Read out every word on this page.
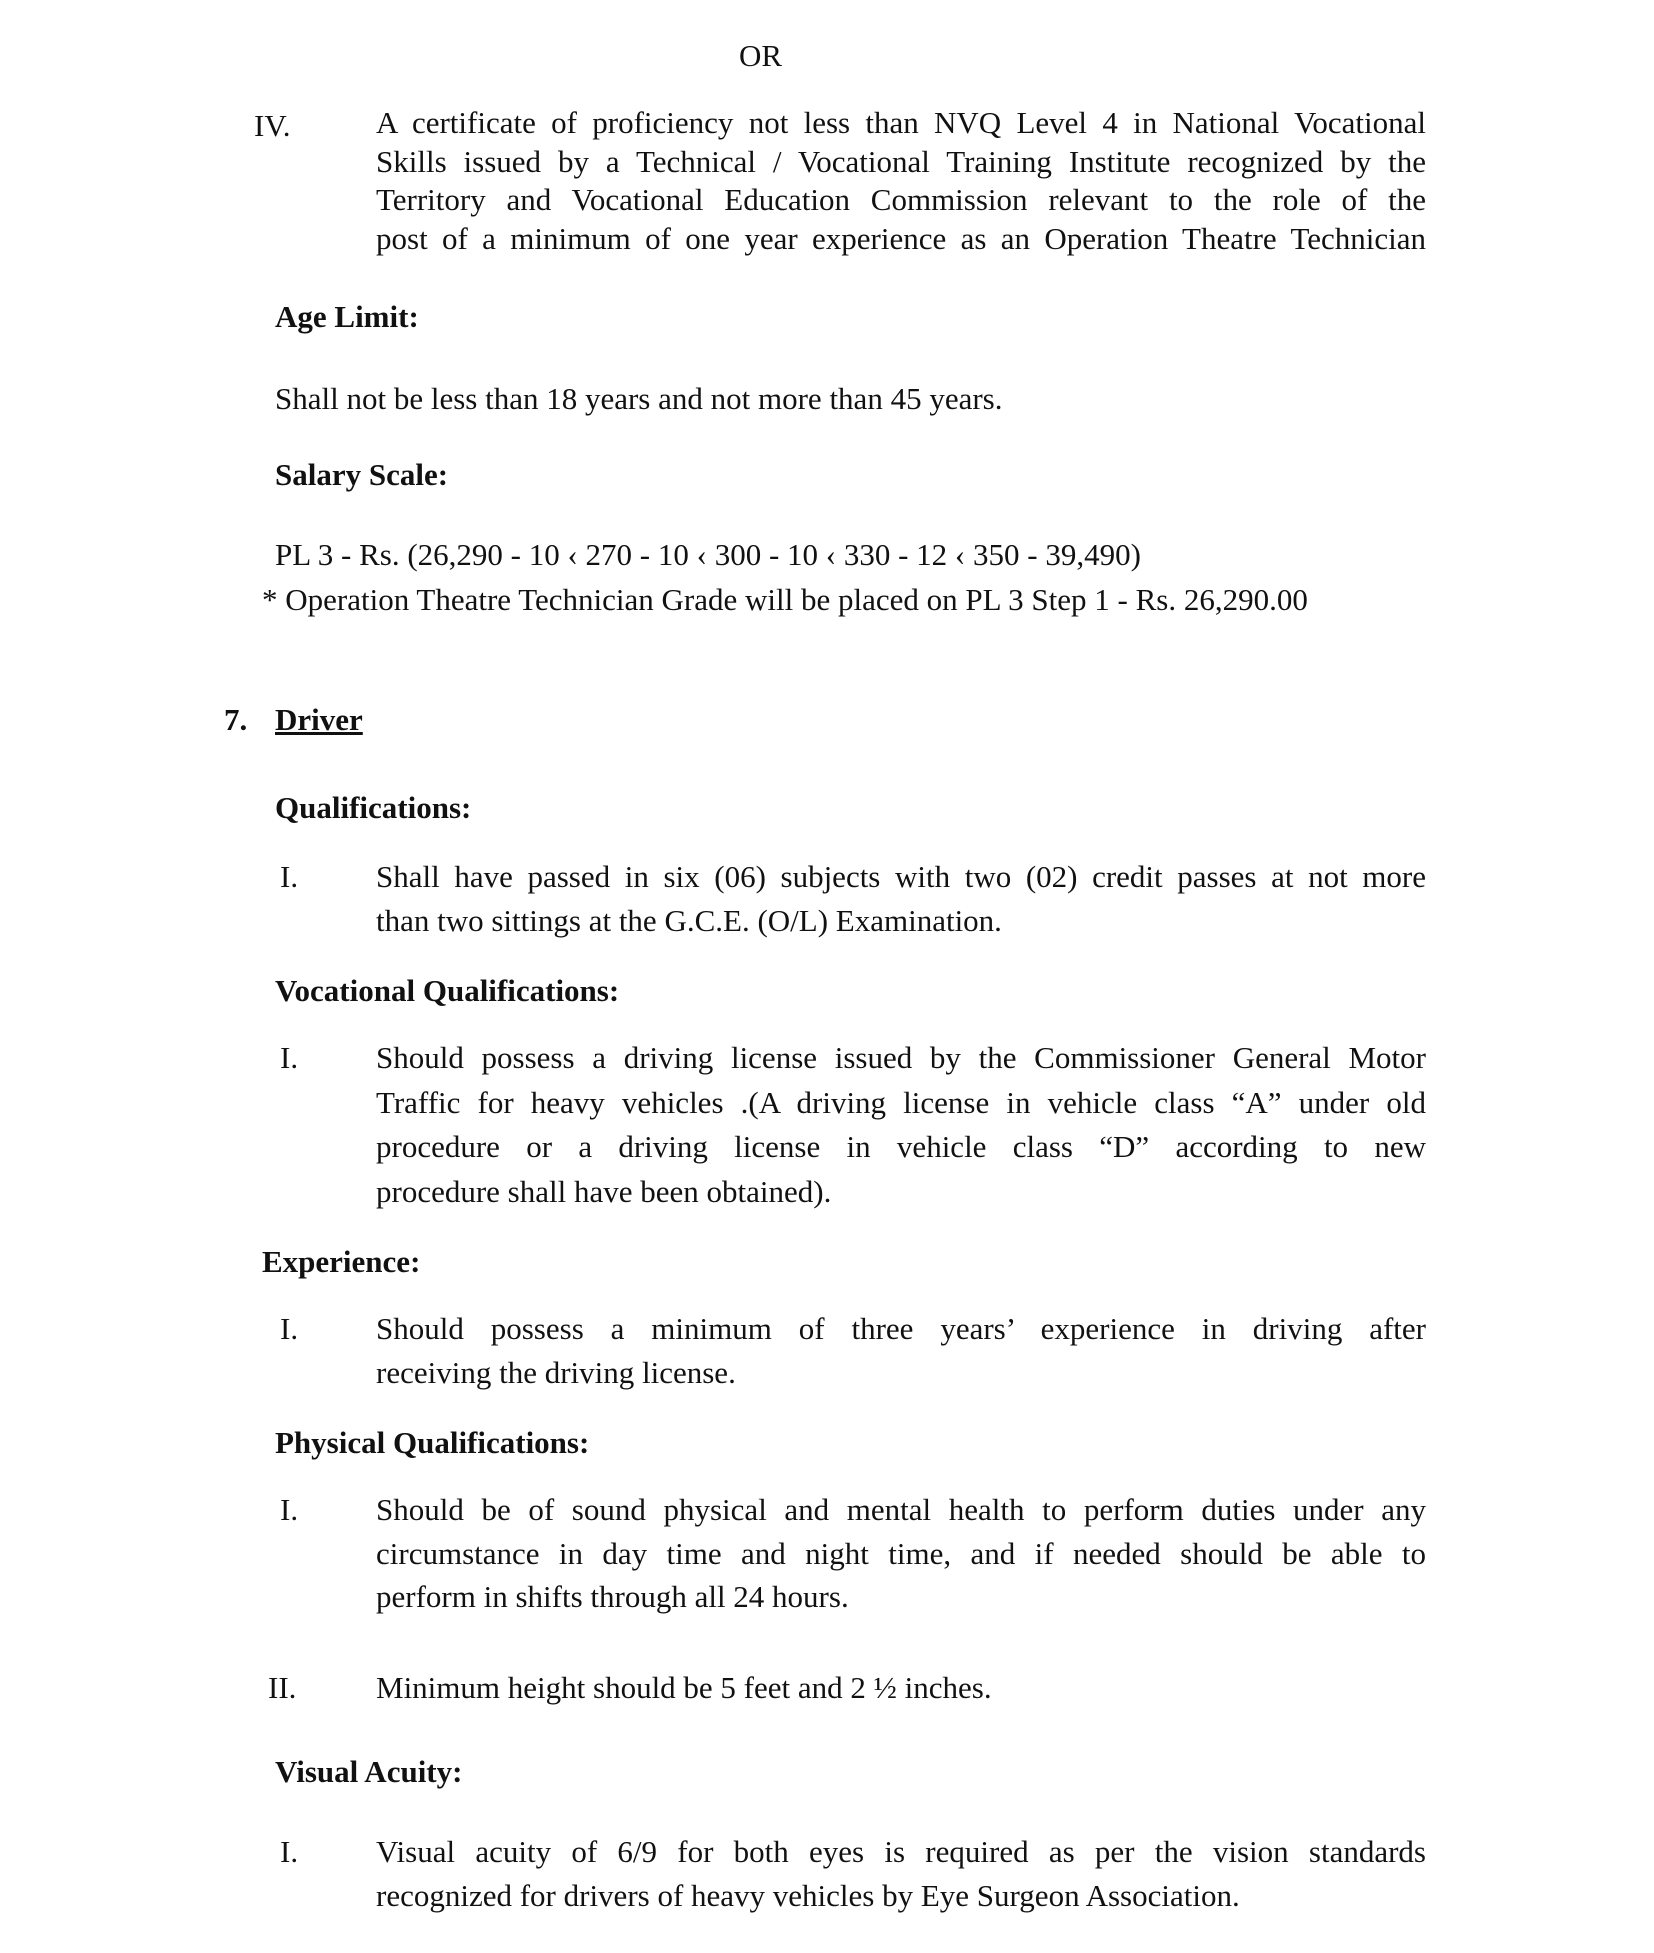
OR

IV.	A certificate of proficiency not less than NVQ Level 4 in National Vocational
Skills issued by a Technical / Vocational Training Institute recognized by the
Territory and Vocational Education Commission relevant to the role of the
post of a minimum of one year experience as an Operation Theatre Technician

Age Limit:

Shall not be less than 18 years and not more than 45 years.

Salary Scale:

PL 3 - Rs. (26,290 - 10 ‹ 270 - 10 ‹ 300 - 10 ‹ 330 - 12 ‹ 350 - 39,490)

* Operation Theatre Technician Grade will be placed on PL 3 Step 1 - Rs. 26,290.00

7. Driver

Qualifications:

I.	Shall have passed in six (06) subjects with two (02) credit passes at not more
than two sittings at the G.C.E. (O/L) Examination.

Vocational Qualifications:

I.	Should possess a driving license issued by the Commissioner General Motor
Traffic for heavy vehicles .(A driving license in vehicle class “A” under old
procedure or a driving license in vehicle class “D” according to new
procedure shall have been obtained).

Experience:

I.	Should possess a minimum of three years’ experience in driving after
receiving the driving license.

Physical Qualifications:

I.	Should be of sound physical and mental health to perform duties under any
circumstance in day time and night time, and if needed should be able to
perform in shifts through all 24 hours.

II.	Minimum height should be 5 feet and 2 ½ inches.

Visual Acuity:

I.	Visual acuity of 6/9 for both eyes is required as per the vision standards
recognized for drivers of heavy vehicles by Eye Surgeon Association.
